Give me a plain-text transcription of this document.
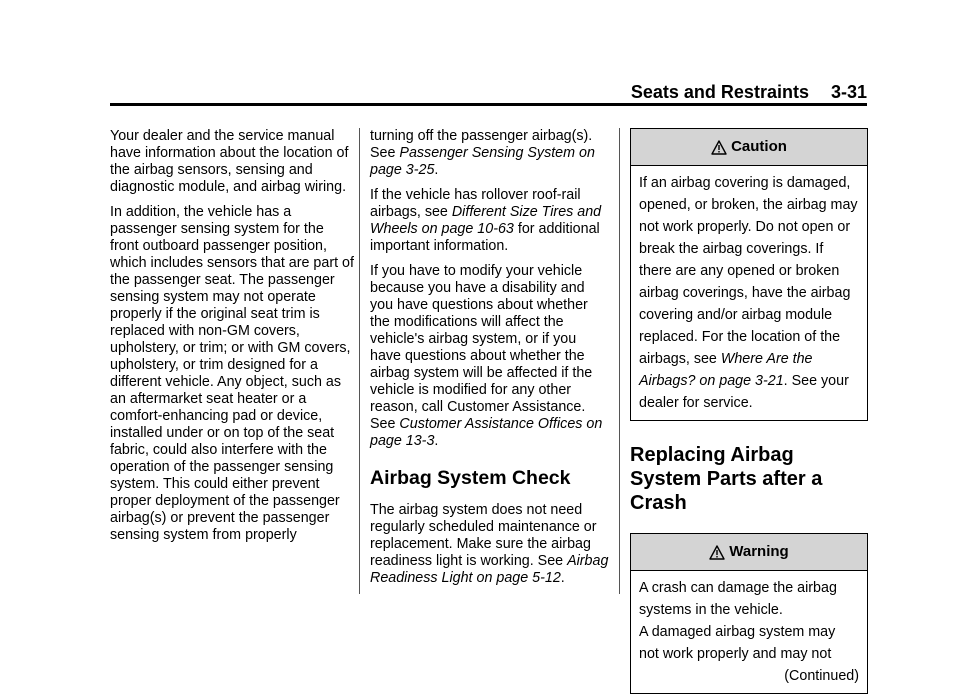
Seats and Restraints 3-31

Your dealer and the service manual have information about the location of the airbag sensors, sensing and diagnostic module, and airbag wiring.

In addition, the vehicle has a passenger sensing system for the front outboard passenger position, which includes sensors that are part of the passenger seat. The passenger sensing system may not operate properly if the original seat trim is replaced with non-GM covers, upholstery, or trim; or with GM covers, upholstery, or trim designed for a different vehicle. Any object, such as an aftermarket seat heater or a comfort-enhancing pad or device, installed under or on top of the seat fabric, could also interfere with the operation of the passenger sensing system. This could either prevent proper deployment of the passenger airbag(s) or prevent the passenger sensing system from properly

turning off the passenger airbag(s). See Passenger Sensing System on page 3-25.

If the vehicle has rollover roof-rail airbags, see Different Size Tires and Wheels on page 10-63 for additional important information.

If you have to modify your vehicle because you have a disability and you have questions about whether the modifications will affect the vehicle's airbag system, or if you have questions about whether the airbag system will be affected if the vehicle is modified for any other reason, call Customer Assistance. See Customer Assistance Offices on page 13-3.

Airbag System Check

The airbag system does not need regularly scheduled maintenance or replacement. Make sure the airbag readiness light is working. See Airbag Readiness Light on page 5-12.

Caution

If an airbag covering is damaged, opened, or broken, the airbag may not work properly. Do not open or break the airbag coverings. If there are any opened or broken airbag coverings, have the airbag covering and/or airbag module replaced. For the location of the airbags, see Where Are the Airbags? on page 3-21. See your dealer for service.

Replacing Airbag System Parts after a Crash
Warning

A crash can damage the airbag systems in the vehicle.

A damaged airbag system may not work properly and may not

(Continued)
